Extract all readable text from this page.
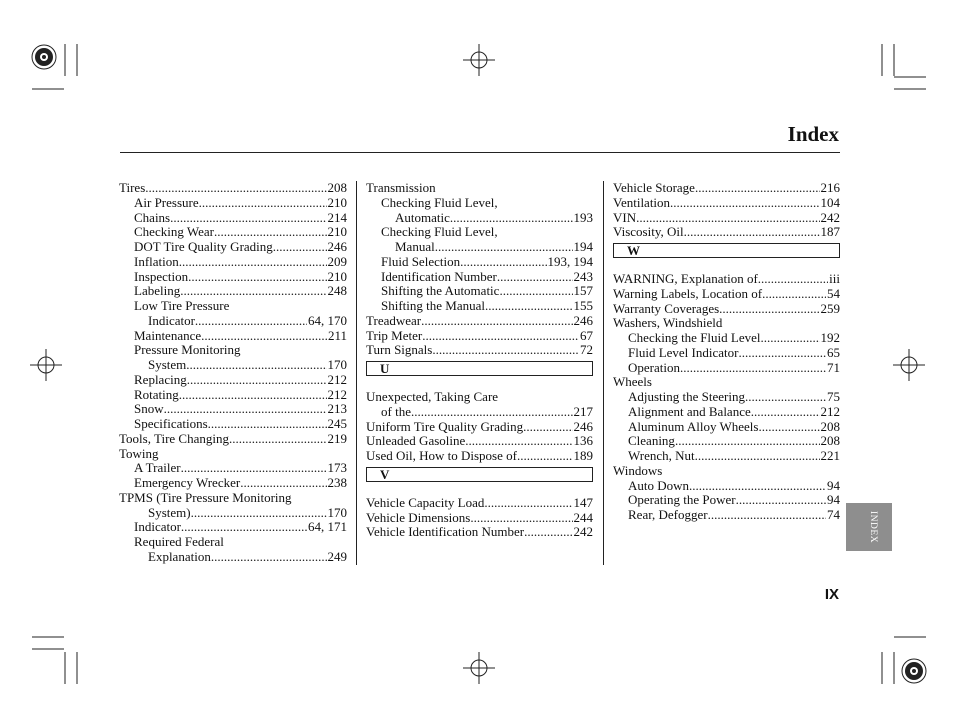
Index
Tires .....	208
Air Pressure .....	210
Chains .....	214
Checking Wear .....	210
DOT Tire Quality Grading .....	246
Inflation .....	209
Inspection .....	210
Labeling .....	248
Low Tire Pressure
Indicator .....	64, 170
Maintenance .....	211
Pressure Monitoring
System .....	170
Replacing .....	212
Rotating .....	212
Snow .....	213
Specifications .....	245
Tools, Tire Changing .....	219
Towing
A Trailer .....	173
Emergency Wrecker .....	238
TPMS (Tire Pressure Monitoring
System) .....	170
Indicator .....	64, 171
Required Federal
Explanation .....	249
Transmission
Checking Fluid Level,
Automatic .....	193
Checking Fluid Level,
Manual .....	194
Fluid Selection .....	193, 194
Identification Number .....	243
Shifting the Automatic .....	157
Shifting the Manual .....	155
Treadwear .....	246
Trip Meter .....	67
Turn Signals .....	72
U
Unexpected, Taking Care
of the .....	217
Uniform Tire Quality Grading .....	246
Unleaded Gasoline .....	136
Used Oil, How to Dispose of .....	189
V
Vehicle Capacity Load .....	147
Vehicle Dimensions .....	244
Vehicle Identification Number .....	242
Vehicle Storage .....	216
Ventilation .....	104
VIN .....	242
Viscosity, Oil .....	187
W
WARNING, Explanation of .....	iii
Warning Labels, Location of .....	54
Warranty Coverages .....	259
Washers, Windshield
Checking the Fluid Level .....	192
Fluid Level Indicator .....	65
Operation .....	71
Wheels
Adjusting the Steering .....	75
Alignment and Balance .....	212
Aluminum Alloy Wheels .....	208
Cleaning .....	208
Wrench, Nut .....	221
Windows
Auto Down .....	94
Operating the Power .....	94
Rear, Defogger .....	74
IX
INDEX
